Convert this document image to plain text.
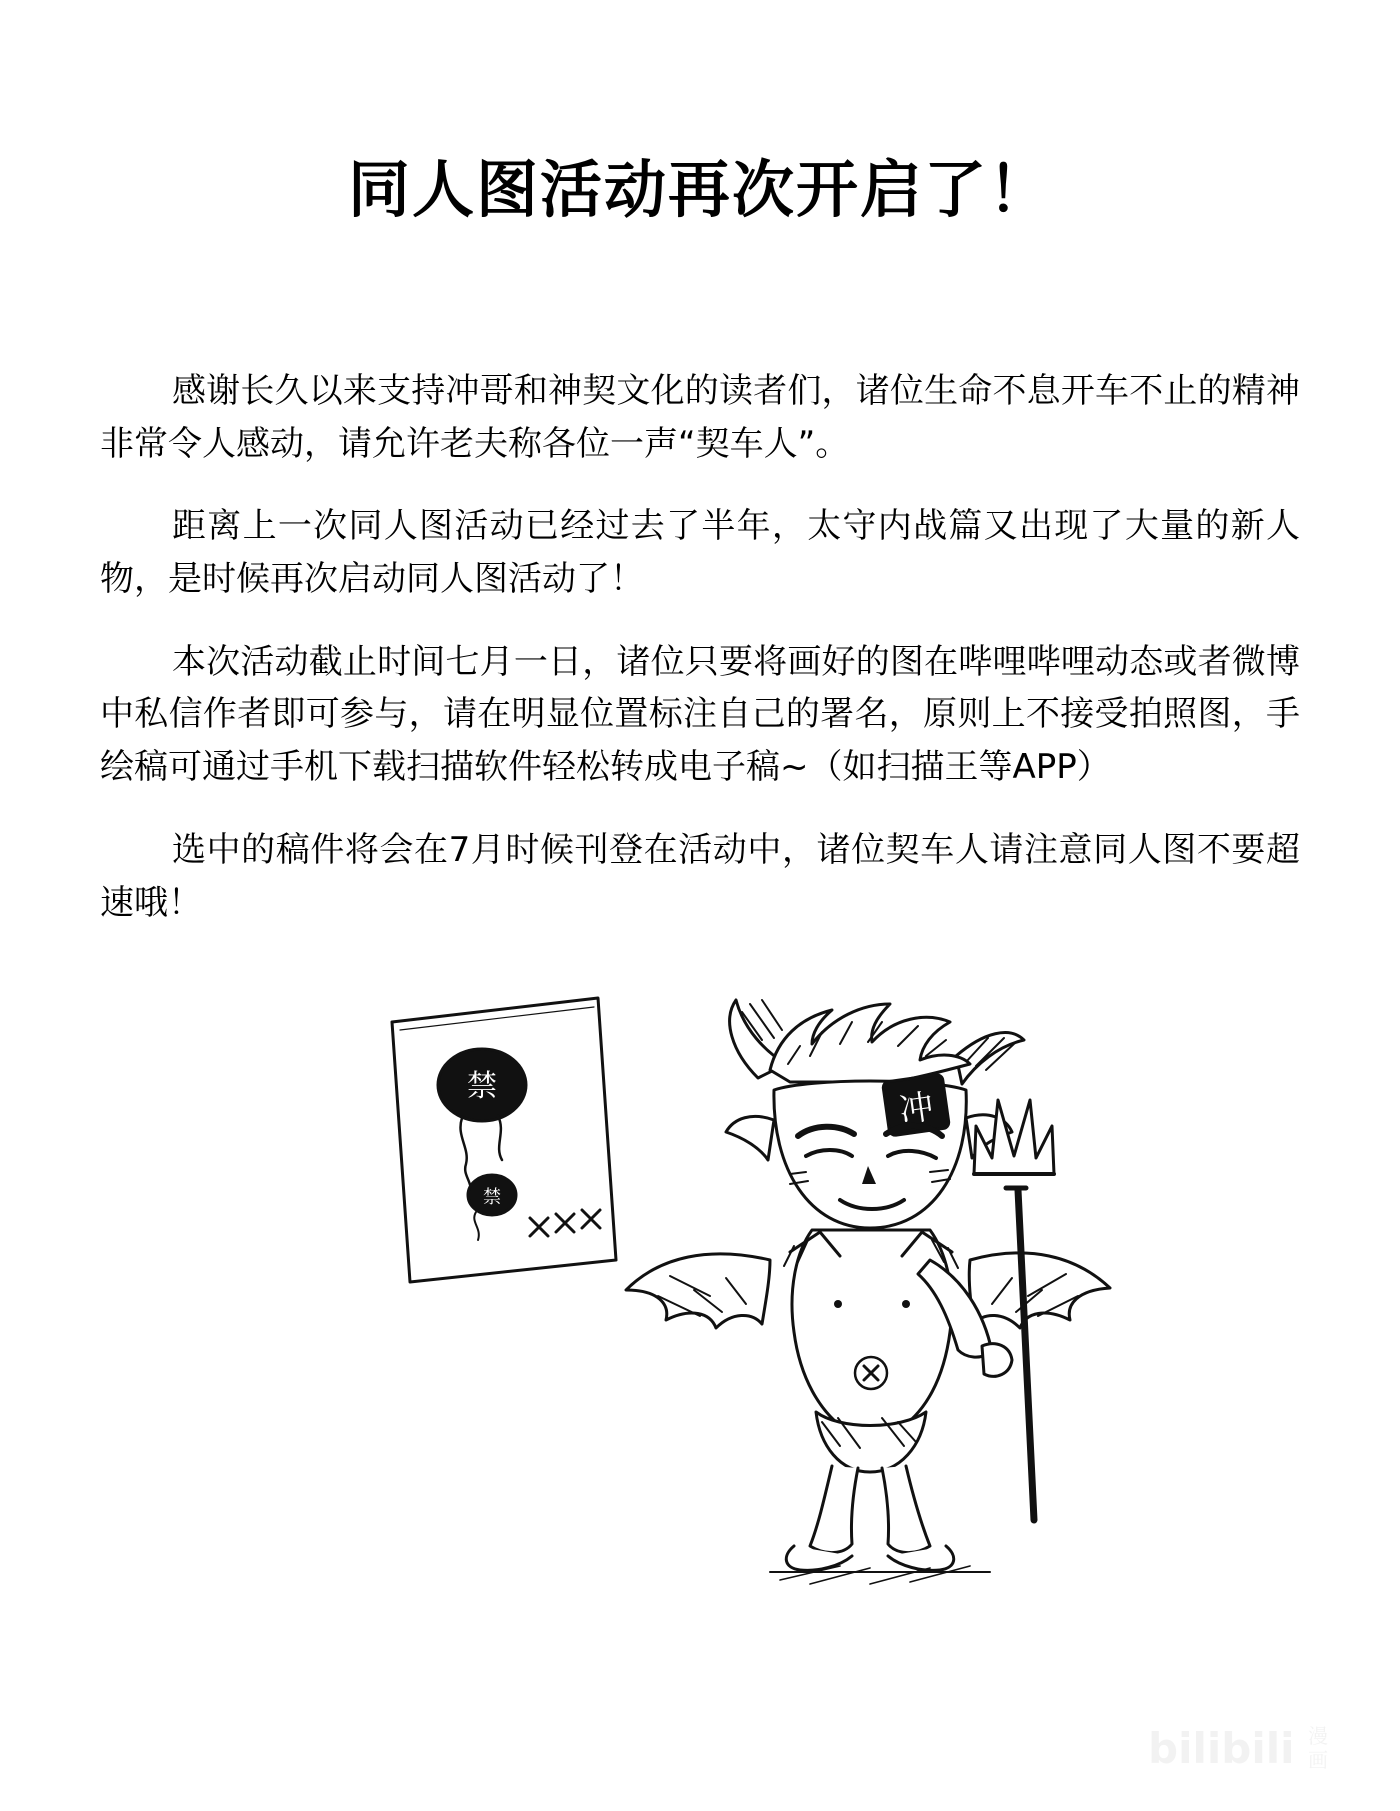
同人图活动再次开启了！

感谢长久以来支持冲哥和神契文化的读者们，诸位生命不息开车不止的精神非常令人感动，请允许老夫称各位一声“契车人”。

距离上一次同人图活动已经过去了半年，太守内战篇又出现了大量的新人物，是时候再次启动同人图活动了！

本次活动截止时间七月一日，诸位只要将画好的图在哔哩哔哩动态或者微博中私信作者即可参与，请在明显位置标注自己的署名，原则上不接受拍照图，手绘稿可通过手机下载扫描软件轻松转成电子稿~（如扫描王等APP）

选中的稿件将会在7月时候刊登在活动中，诸位契车人请注意同人图不要超速哦！

禁
禁
冲
bilibili 漫
画
